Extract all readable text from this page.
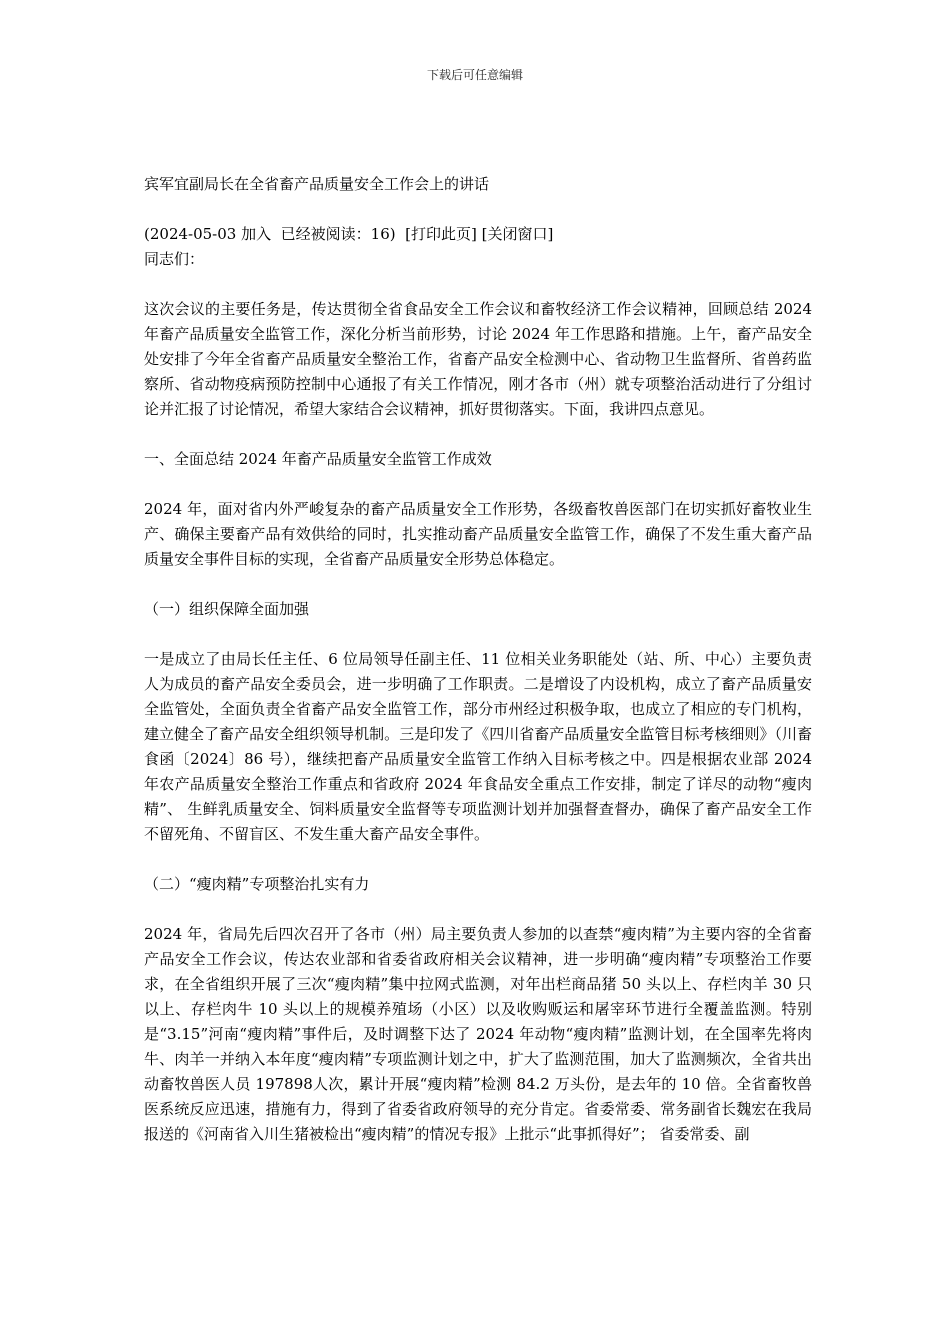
下载后可任意编辑

宾军宜副局长在全省畜产品质量安全工作会上的讲话

(2024-05-03 加入 已经被阅读：16) [打印此页] [关闭窗口]

同志们：

这次会议的主要任务是，传达贯彻全省食品安全工作会议和畜牧经济工作会议精神，回顾总结 2024 年畜产品质量安全监管工作，深化分析当前形势，讨论 2024 年工作思路和措施。上午，畜产品安全处安排了今年全省畜产品质量安全整治工作，省畜产品安全检测中心、省动物卫生监督所、省兽药监察所、省动物疫病预防控制中心通报了有关工作情况，刚才各市（州）就专项整治活动进行了分组讨论并汇报了讨论情况，希望大家结合会议精神，抓好贯彻落实。下面，我讲四点意见。

一、全面总结 2024 年畜产品质量安全监管工作成效

2024 年，面对省内外严峻复杂的畜产品质量安全工作形势，各级畜牧兽医部门在切实抓好畜牧业生产、确保主要畜产品有效供给的同时，扎实推动畜产品质量安全监管工作，确保了不发生重大畜产品质量安全事件目标的实现，全省畜产品质量安全形势总体稳定。

（一）组织保障全面加强

一是成立了由局长任主任、6 位局领导任副主任、11 位相关业务职能处（站、所、中心）主要负责人为成员的畜产品安全委员会，进一步明确了工作职责。二是增设了内设机构，成立了畜产品质量安全监管处，全面负责全省畜产品安全监管工作，部分市州经过积极争取，也成立了相应的专门机构，建立健全了畜产品安全组织领导机制。三是印发了《四川省畜产品质量安全监管目标考核细则》（川畜食函〔2024〕86 号），继续把畜产品质量安全监管工作纳入目标考核之中。四是根据农业部 2024 年农产品质量安全整治工作重点和省政府 2024 年食品安全重点工作安排，制定了详尽的动物“瘦肉精”、 生鲜乳质量安全、饲料质量安全监督等专项监测计划并加强督查督办，确保了畜产品安全工作不留死角、不留盲区、不发生重大畜产品安全事件。

（二）“瘦肉精”专项整治扎实有力

2024 年，省局先后四次召开了各市（州）局主要负责人参加的以查禁“瘦肉精”为主要内容的全省畜产品安全工作会议，传达农业部和省委省政府相关会议精神，进一步明确“瘦肉精”专项整治工作要求，在全省组织开展了三次“瘦肉精”集中拉网式监测，对年出栏商品猪 50 头以上、存栏肉羊 30 只以上、存栏肉牛 10 头以上的规模养殖场（小区）以及收购贩运和屠宰环节进行全覆盖监测。特别是“3.15”河南“瘦肉精”事件后，及时调整下达了 2024 年动物“瘦肉精”监测计划，在全国率先将肉牛、肉羊一并纳入本年度“瘦肉精”专项监测计划之中，扩大了监测范围，加大了监测频次，全省共出动畜牧兽医人员 197898人次，累计开展“瘦肉精”检测 84.2 万头份，是去年的 10 倍。全省畜牧兽医系统反应迅速，措施有力，得到了省委省政府领导的充分肯定。省委常委、常务副省长魏宏在我局报送的《河南省入川生猪被检出“瘦肉精”的情况专报》上批示“此事抓得好”； 省委常委、副
